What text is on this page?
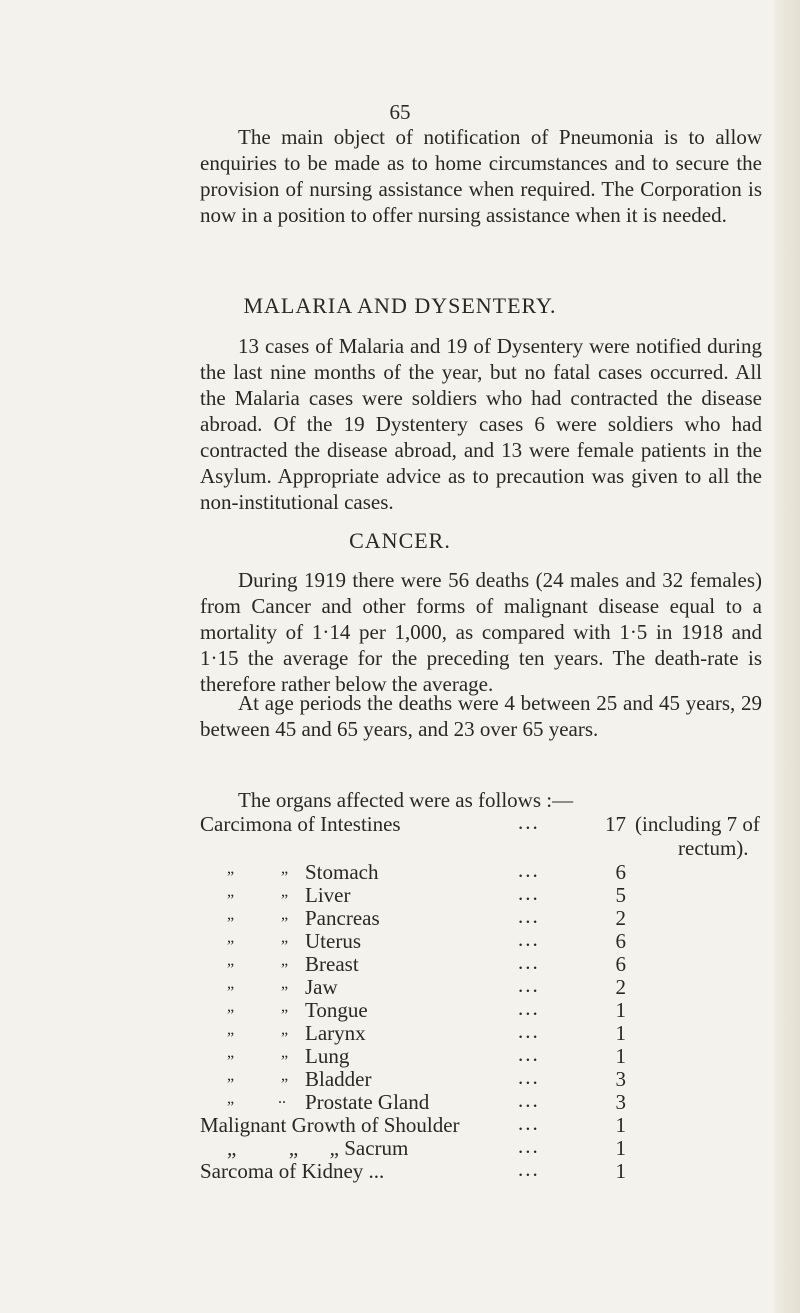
65

The main object of notification of Pneumonia is to allow enquiries to be made as to home circumstances and to secure the provision of nursing assistance when required. The Corporation is now in a position to offer nursing assistance when it is needed.

MALARIA AND DYSENTERY.

13 cases of Malaria and 19 of Dysentery were notified during the last nine months of the year, but no fatal cases occurred. All the Malaria cases were soldiers who had contracted the disease abroad. Of the 19 Dystentery cases 6 were soldiers who had contracted the disease abroad, and 13 were female patients in the Asylum. Appropriate advice as to precaution was given to all the non-institutional cases.

CANCER.

During 1919 there were 56 deaths (24 males and 32 females) from Cancer and other forms of malignant disease equal to a mortality of 1·14 per 1,000, as compared with 1·5 in 1918 and 1·15 the average for the preceding ten years. The death-rate is therefore rather below the average.

At age periods the deaths were 4 between 25 and 45 years, 29 between 45 and 65 years, and 23 over 65 years.

The organs affected were as follows :—
Carcimona of Intestines	...	17 (including 7 of
rectum).
„	„ Stomach	...	6
„	„ Liver	...	5
„	„ Pancreas	...	2
„	„ Uterus	...	6
„	„ Breast	...	6
„	„ Jaw	...	2
„	„ Tongue	...	1
„	„ Larynx	...	1
„	„ Lung	...	1
„	„ Bladder	...	3
„	.. Prostate Gland	...	3
Malignant Growth of Shoulder	...	1
„          „      „ Sacrum	...	1
Sarcoma of Kidney ...	...	1
